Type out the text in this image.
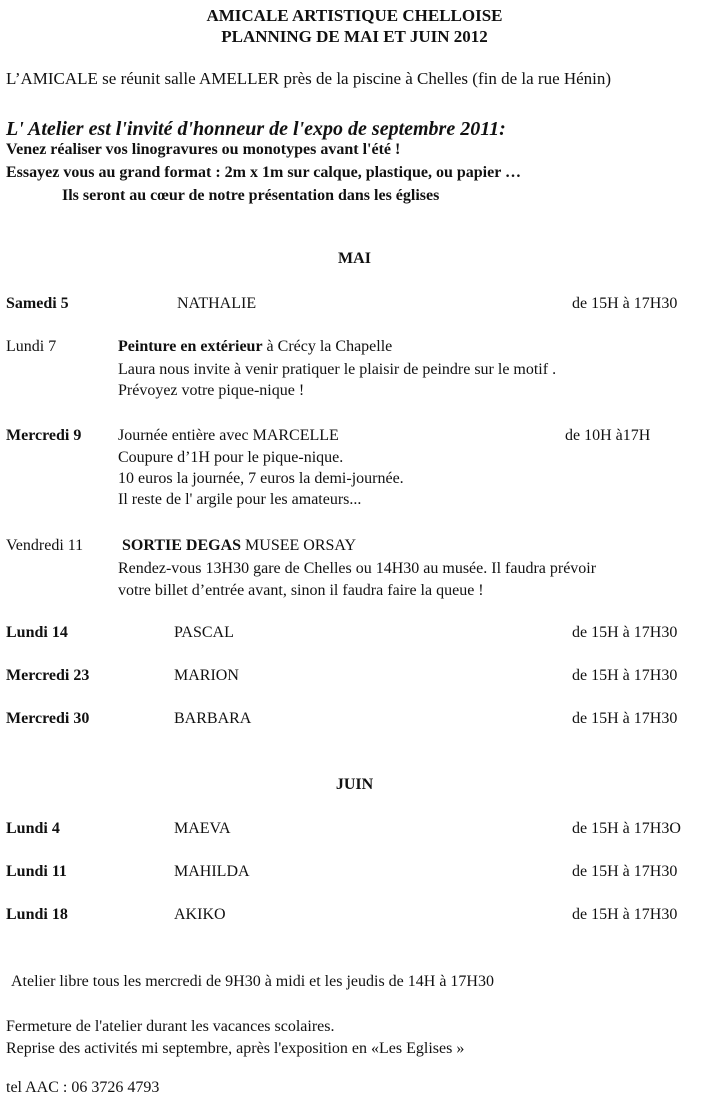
AMICALE ARTISTIQUE CHELLOISE
PLANNING DE MAI ET JUIN 2012
L’AMICALE se réunit salle AMELLER près de la piscine à Chelles (fin de la rue Hénin)
L' Atelier est l'invité d'honneur de l'expo de septembre 2011:
Venez réaliser vos linogravures ou monotypes avant l'été !
Essayez vous au grand format : 2m x 1m sur calque, plastique, ou papier …
Ils seront au cœur de notre présentation dans les églises
MAI
Samedi 5	NATHALIE	de 15H à 17H30
Lundi 7	Peinture en extérieur à Crécy la Chapelle
Laura nous invite à venir pratiquer le plaisir de peindre sur le motif .
Prévoyez votre pique-nique !
Mercredi 9 Journée entière avec MARCELLE	de 10H à17H
Coupure d’1H pour le pique-nique.
10 euros la journée, 7 euros la demi-journée.
Il reste de l' argile pour les amateurs...
Vendredi 11 SORTIE DEGAS MUSEE ORSAY
Rendez-vous 13H30 gare de Chelles ou 14H30 au musée. Il faudra prévoir
votre billet d’entrée avant, sinon il faudra faire la queue !
Lundi 14	PASCAL	de 15H à 17H30
Mercredi 23	MARION	de 15H à 17H30
Mercredi 30	BARBARA	de 15H à 17H30
JUIN
Lundi 4	MAEVA	de 15H à 17H3O
Lundi 11	MAHILDA	de 15H à 17H30
Lundi 18	AKIKO	de 15H à 17H30
Atelier libre tous les mercredi de 9H30 à midi et les jeudis de 14H à 17H30
Fermeture de l'atelier durant les vacances scolaires.
Reprise des activités mi septembre, après l'exposition en «Les Eglises »
tel AAC : 06 3726 4793
